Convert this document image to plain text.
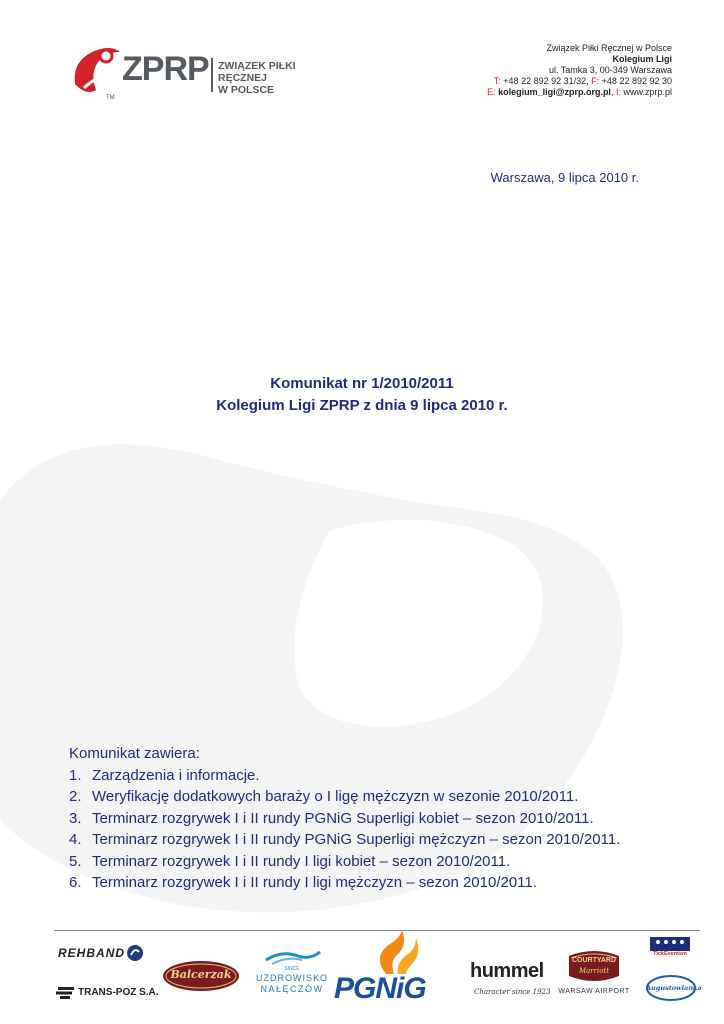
TM
ZPRP ZWIĄZEK PIŁKI RĘCZNEJ
W POLSCE
Związek Piłki Ręcznej w Polsce
Kolegium Ligi
ul. Tamka 3, 00-349 Warszawa
T: +48 22 892 92 31/32, F: +48 22 892 92 30
E: kolegium_ligi@zprp.org.pl, I: www.zprp.pl
Warszawa, 9 lipca 2010 r.
Komunikat nr 1/2010/2011
Kolegium Ligi ZPRP z dnia 9 lipca 2010 r.
Komunikat zawiera:
1. Zarządzenia i informacje.
2. Weryfikację dodatkowych baraży o I ligę mężczyzn w sezonie 2010/2011.
3. Terminarz rozgrywek I i II rundy PGNiG Superligi kobiet – sezon 2010/2011.
4. Terminarz rozgrywek I i II rundy PGNiG Superligi mężczyzn – sezon 2010/2011.
5. Terminarz rozgrywek I i II rundy I ligi kobiet – sezon 2010/2011.
6. Terminarz rozgrywek I i II rundy I ligi mężczyzn – sezon 2010/2011.
REHBAND
TRANS-POZ S.A.
Balcerzak	SINCE
UZDROWISKO
NAŁĘCZÓW PGNiG
hummel
Character since 1923
COURTYARD
Marriott
WARSAW AIRPORT
TickEventsm
Augustowianka
